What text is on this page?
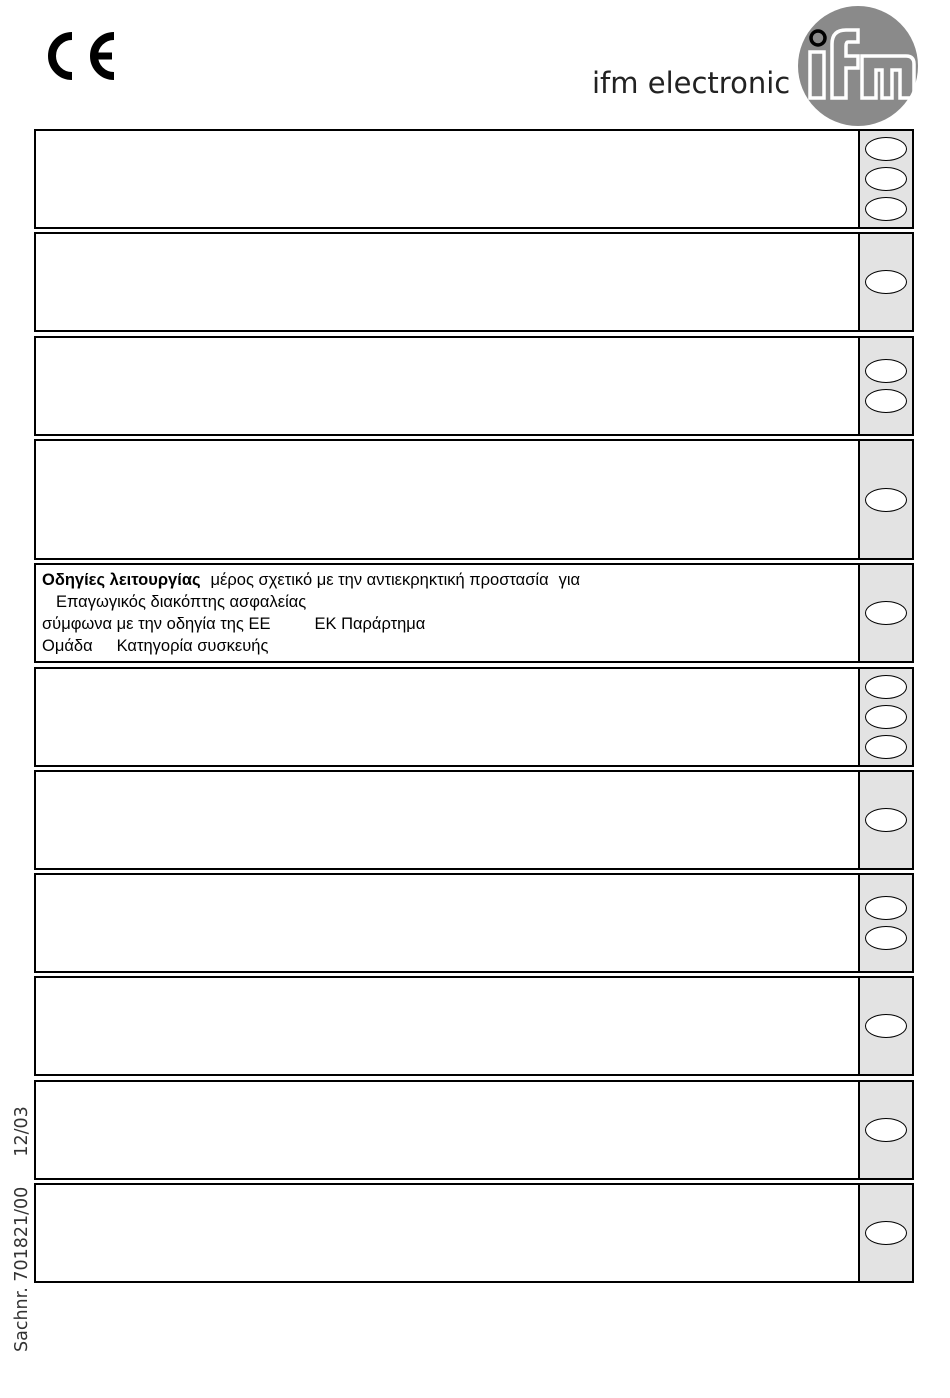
ifm electronic
Οδηγίες λειτουργίας μέρος σχετικό με την αντιεκρηκτική προστασία για
Επαγωγικός διακόπτης ασφαλείας
σύμφωνα με την οδηγία της ΕΕ	ΕΚ Παράρτημα
Ομάδα Κατηγορία συσκευής
Sachnr. 701821/0012/03
